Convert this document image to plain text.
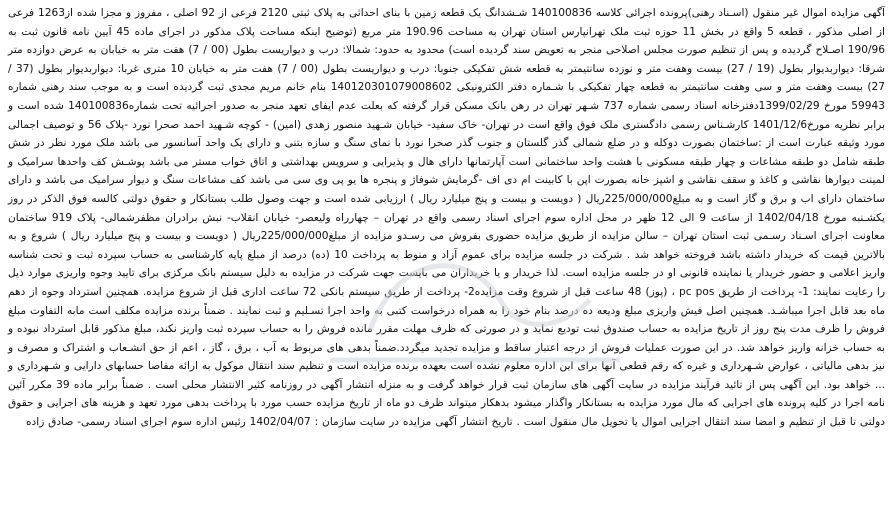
آگهی مزایده اموال غیر منقول (اسـناد رهنی)پرونده اجرائی کلاسه 140100836 شـشدانگ یک قطعه زمین با بنای احداثی به پلاک ثبتی 2120 فرعی از 92 اصلی ، مفروز و مجزا شده از1263 فرعی از اصلی مذکور ، قطعه 5 واقع در بخش 11 حوزه ثبت ملک تهرانپارس استان تهران به مساحت 190.96 متر مربع (توضیح اینکه مساحت پلاک مذکور در اجرای ماده 45 آیین نامه قانون ثبت به 190/96 اصـلاح گردیده و پس از تنظیم صورت مجلس اصلاحی منجر به تعویض سند گردیده است) محدود به حدود: شمالا: درب و دیواریست بطول (00 / 7) هفت متر به خیابان به عرض دوازده متر شرقا: دیواربدیوار بطول (19 / 27) بیست وهفت متر و نوزده سانتیمتر به قطعه شش تفکیکی جنوبا: درب و دیواریست بطول (00 / 7) هفت متر به خیابان 10 متری غربا: دیواربدیوار بطول (37 / 27) بیست وهفت متر و سی وهفت سانتیمتر به قطعه چهار تفکیکی با شـماره دفتر الکترونیکی 140120301079008602 بنام خانم مریم مجدی ثبت گردیده است و به موجب سند رهنی شماره 59943 مورخ 1399/02/29دفترخانه اسناد رسمی شماره 737 شـهر تهران در رهن بانک مسکن قرار گرفته که بعلت عدم ایفای تعهد منجر به صدور اجرائیه تحت شماره140100836 شده است و برابر نظریه مورخ1401/12/6 کارشـناس رسمی دادگستری ملک فوق واقع است در تهران- خاک سفید- خیابان شـهید منصور زهدی (امین) - کوچه شـهید احمد صحرا نورد -پلاک 56 و توصیف اجمالی مورد وثیقه عبارت است از :ساختمان بصورت دوکله و در ضلع شمالی گذر گلستان و جنوب گذر صحرا نورد با نمای سنگ و سازه بتنی و دارای یک واحد آسانسور می باشد ملک مورد نظر در شش طبقه شامل دو طبقه مشاعات و چهار طبقه مسکونی با هشت واحد ساختمانی است آپارتمانها دارای هال و پذیرایی و سرویس بهداشتی و اتاق خواب مستر می باشد پوشـش کف واحدها سرامیک و لمینت دیوارها نقاشی و کاغذ و سقف نقاشی و اشپز خانه بصورت اپن با کابینت ام دی اف -گرمایش شوفاژ و پنجره ها یو پی وی سی می باشد کف مشاعات سنگ و دیوار سرامیک می باشد و دارای ساختمان دارای اب و برق و گاز است و به مبلغ225/000/000ریال ( دویست و بیست و پنج میلیارد ریال ) ارزیابی شده است و جهت وصول طلب بستانکار و حقوق دولتی کالسه فوق الذکر در روز یکشـنبه مورخ 1402/04/18 از ساعت 9 الی 12 ظهر در محل اداره سوم اجرای اسناد رسمی واقع در تهران – چهارراه ولیعصر- خیابان انقلاب- نبش برادران مظفرشمالی- پلاک 919 ساختمان معاونت اجرای اسـناد رسـمی ثبت استان تهران – سالن مزایده از طریق مزایده حضوری بفروش می رسـدو مزایده از مبلغ225/000/000ریال ( دویست و بیست و پنج میلیارد ریال ) شروع و به بالاترین قیمت که خریدار داشته باشد فروخته خواهد شد . شرکت در جلسه مزایده برای عموم آزاد و منوط به پرداخت 10 (ده) درصد از مبلغ پایه کارشناسی به حساب سپرده ثبت و تحت شناسه واریز اعلامی و حضور خریدار یا نماینده قانونی او در جلسه مزایده است. لذا خریدار و یا خریداران می بایست جهت شرکت در مزایده به دلیل سیستم بانک مرکزی برای تایید وجوه واریزی موارد ذیل را رعایت نمایند: 1- پرداخت از طریق pc pos ، (پوز) 48 ساعت قبل از شروع وقت مزایده2- پرداخت از طریق سیستم بانکی 72 ساعت اداری قبل از شروع مزایده. همچنین استرداد وجوه از دهم ماه بعد قابل اجرا میباشـد. همچنین اصل فیش واریزی مبلغ ودیعه ده درصد بنام خود را به همراه درخواست کتبی به واحد اجرا تسـلیم و ثبت نمایند . ضمناً برنده مزایده مکلف است مابه التفاوت مبلغ فروش را ظرف مدت پنج روز از تاریخ مزایده به حساب صندوق ثبت تودیع نماید و در صورتی که ظرف مهلت مقرر مانده فروش را به حساب سپرده ثبت واریز نکند، مبلغ مذکور قابل استرداد نبوده و به حساب خزانه واریز خواهد شد. در این صورت عملیات فروش از درجه اعتبار ساقط و مزایده تجدید میگردد.ضمناً بدهی های مربوط به آب ، برق ، گاز ، اعم از حق انشـعاب و اشتراک و مصرف و نیز بدهی مالیاتی ، عوارض شـهرداری و غیره که رقم قطعی آنها برای این اداره معلوم نشده است بعهده برنده مزایده است و تنظیم سند انتقال موکول به ارائه مفاصا حسابهای دارایی و شـهرداری و ... خواهد بود. این آگهی پس از تائید فرآیند مزایده در سایت آگهی های سازمان ثبت قرار خواهد گرفت و به منزله انتشار آگهی در روزنامه کثیر الانتشار محلی است . ضمناً برابر ماده 39 مکرر آئین نامه اجرا در کلیه پرونده های اجرایی که مال مورد مزایده به بستانکار واگذار میشود بدهکار میتواند ظرف دو ماه از تاریخ مزایده حسب مورد با پرداخت بدهی مورد تعهد و هزینه های اجرایی و حقوق دولتی تا قبل از تنظیم و امضا سند انتقال اجرایی اموال یا تحویل مال منقول است . تاریخ انتشار آگهی مزایده در سایت سازمان : 1402/04/07 رئیس اداره سوم اجرای اسناد رسمی- صادق زاده
